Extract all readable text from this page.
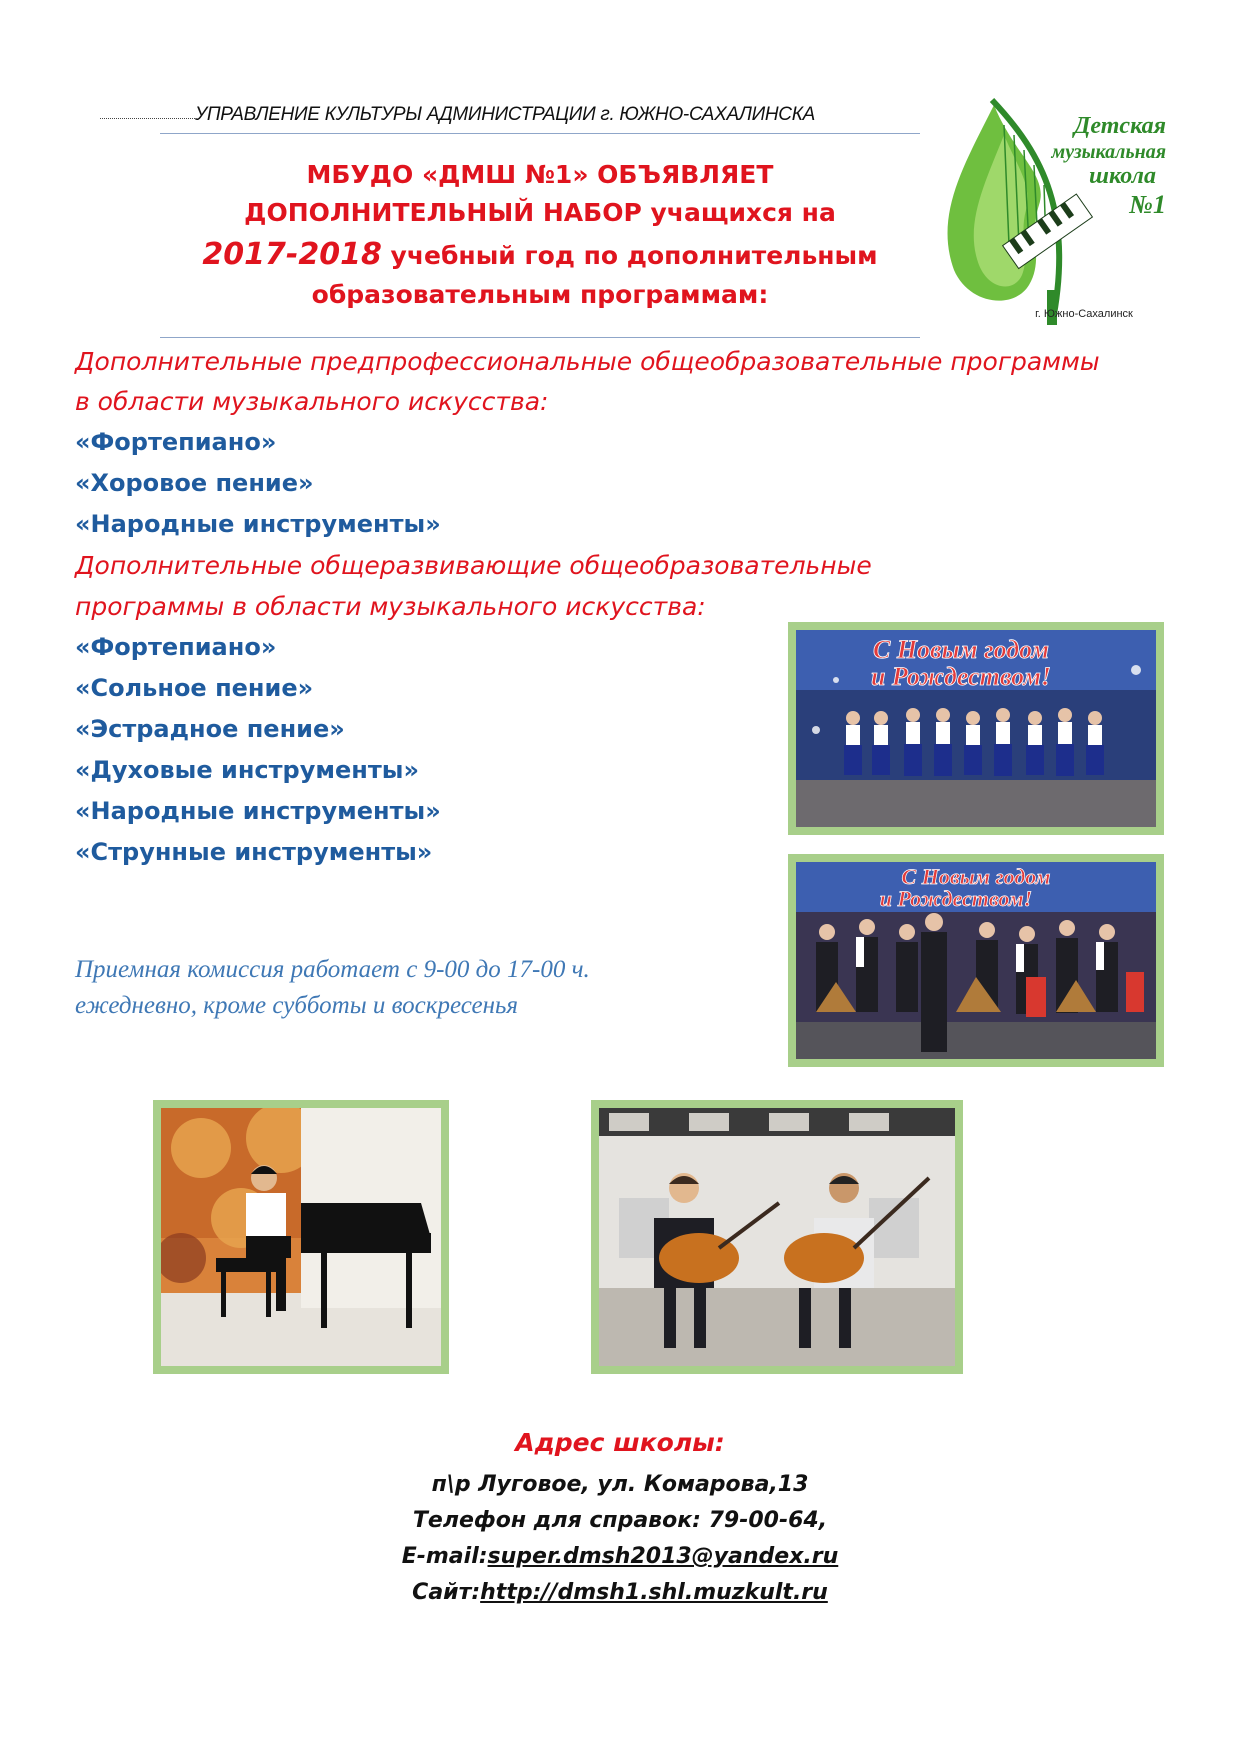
УПРАВЛЕНИЕ КУЛЬТУРЫ АДМИНИСТРАЦИИ г. ЮЖНО-САХАЛИНСКА
МБУДО «ДМШ №1» ОБЪЯВЛЯЕТ
ДОПОЛНИТЕЛЬНЫЙ НАБОР учащихся на
2017-2018 учебный год по дополнительным
образовательным программам:
Детская
музыкальная
школа
№1
г. Южно-Сахалинск
Дополнительные предпрофессиональные общеобразовательные программы
в области музыкального искусства:
«Фортепиано»
«Хоровое пение»
«Народные инструменты»
Дополнительные общеразвивающие общеобразовательные
программы в области музыкального искусства:
«Фортепиано»
«Сольное пение»
«Эстрадное пение»
«Духовые инструменты»
«Народные инструменты»
«Струнные инструменты»
Приемная комиссия работает с 9-00 до 17-00 ч.
ежедневно, кроме субботы и воскресенья
С Новым годом
и Рождеством!
С Новым годом
и Рождеством!
Адрес школы:
п\р Луговое, ул. Комарова,13
Телефон для справок: 79-00-64,
E-mail:super.dmsh2013@yandex.ru
Сайт:http://dmsh1.shl.muzkult.ru
